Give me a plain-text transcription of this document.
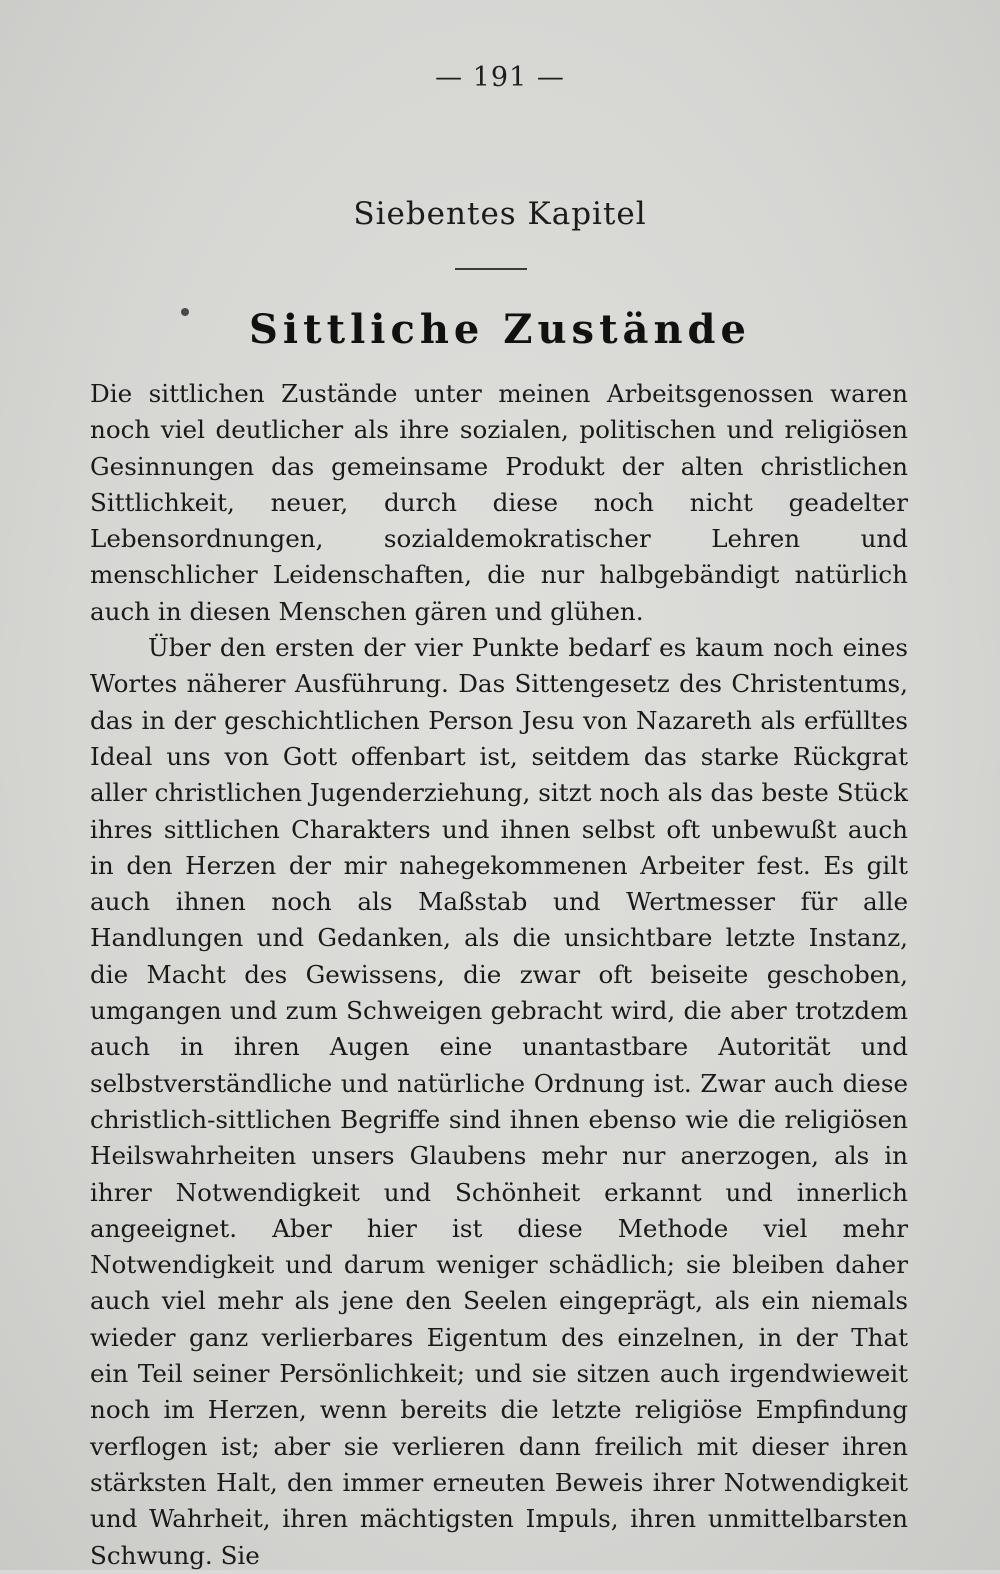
— 191 —
Siebentes Kapitel
Sittliche Zustände

Die sittlichen Zustände unter meinen Arbeitsgenossen waren noch viel deutlicher als ihre sozialen, politischen und religiösen Gesinnungen das gemeinsame Produkt der alten christlichen Sittlichkeit, neuer, durch diese noch nicht geadelter Lebensordnungen, sozialdemokratischer Lehren und menschlicher Leidenschaften, die nur halbgebändigt natürlich auch in diesen Menschen gären und glühen.

Über den ersten der vier Punkte bedarf es kaum noch eines Wortes näherer Ausführung. Das Sittengesetz des Christentums, das in der geschichtlichen Person Jesu von Nazareth als erfülltes Ideal uns von Gott offenbart ist, seitdem das starke Rückgrat aller christlichen Jugenderziehung, sitzt noch als das beste Stück ihres sittlichen Charakters und ihnen selbst oft unbewußt auch in den Herzen der mir nahegekommenen Arbeiter fest. Es gilt auch ihnen noch als Maßstab und Wertmesser für alle Handlungen und Gedanken, als die unsichtbare letzte Instanz, die Macht des Gewissens, die zwar oft beiseite geschoben, umgangen und zum Schweigen gebracht wird, die aber trotzdem auch in ihren Augen eine unantastbare Autorität und selbstverständliche und natürliche Ordnung ist. Zwar auch diese christlich-sittlichen Begriffe sind ihnen ebenso wie die religiösen Heilswahrheiten unsers Glaubens mehr nur anerzogen, als in ihrer Notwendigkeit und Schönheit erkannt und innerlich angeeignet. Aber hier ist diese Methode viel mehr Notwendigkeit und darum weniger schädlich; sie bleiben daher auch viel mehr als jene den Seelen eingeprägt, als ein niemals wieder ganz verlierbares Eigentum des einzelnen, in der That ein Teil seiner Persönlichkeit; und sie sitzen auch irgendwieweit noch im Herzen, wenn bereits die letzte religiöse Empfindung verflogen ist; aber sie verlieren dann freilich mit dieser ihren stärksten Halt, den immer erneuten Beweis ihrer Notwendigkeit und Wahrheit, ihren mächtigsten Impuls, ihren unmittelbarsten Schwung. Sie
